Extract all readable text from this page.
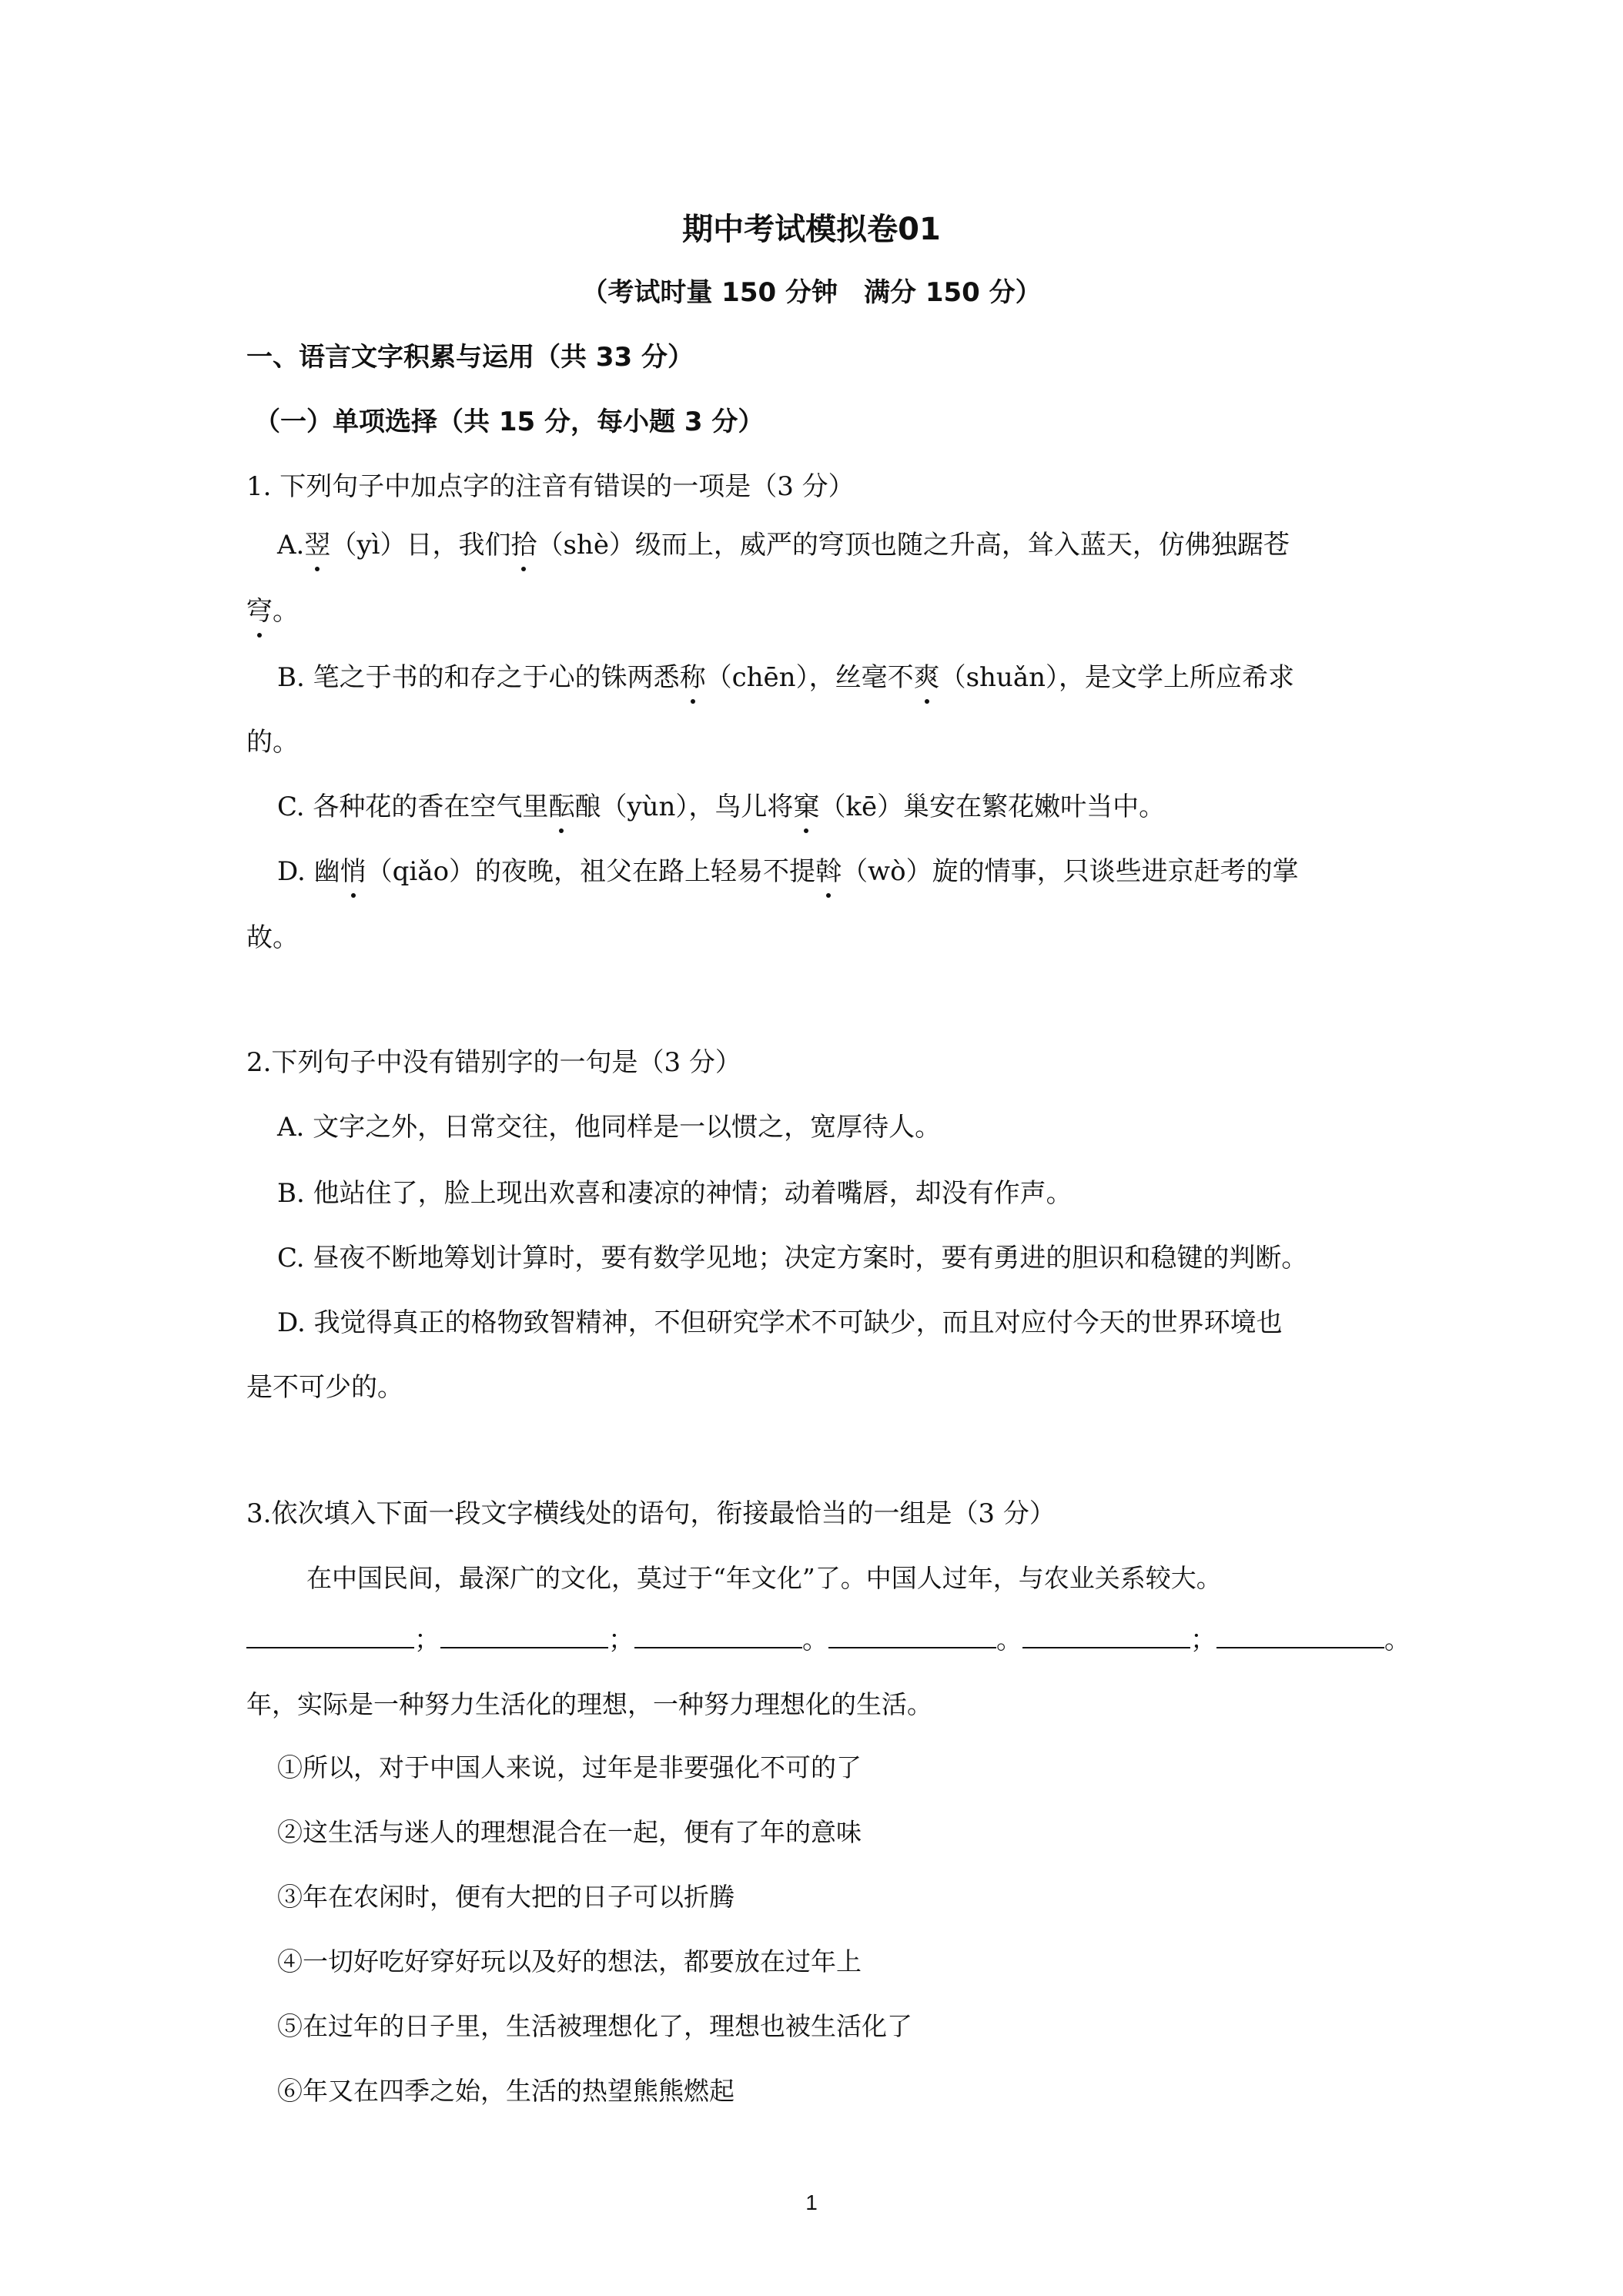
期中考试模拟卷01
（考试时量 150 分钟　满分 150 分）
一、语言文字积累与运用（共 33 分）
（一）单项选择（共 15 分，每小题 3 分）
1. 下列句子中加点字的注音有错误的一项是（3 分）
A.翌（yì）日，我们拾（shè）级而上，威严的穹顶也随之升高，耸入蓝天，仿佛独踞苍
穹。
B. 笔之于书的和存之于心的铢两悉称（chēn），丝毫不爽（shuǎn），是文学上所应希求
的。
C. 各种花的香在空气里酝酿（yùn），鸟儿将窠（kē）巢安在繁花嫩叶当中。
D. 幽悄（qiǎo）的夜晚，祖父在路上轻易不提斡（wò）旋的情事，只谈些进京赶考的掌
故。
2.下列句子中没有错别字的一句是（3 分）
A. 文字之外，日常交往，他同样是一以惯之，宽厚待人。
B. 他站住了，脸上现出欢喜和凄凉的神情；动着嘴唇，却没有作声。
C. 昼夜不断地筹划计算时，要有数学见地；决定方案时，要有勇进的胆识和稳键的判断。
D. 我觉得真正的格物致智精神，不但研究学术不可缺少，而且对应付今天的世界环境也
是不可少的。
3.依次填入下面一段文字横线处的语句，衔接最恰当的一组是（3 分）
在中国民间，最深广的文化，莫过于“年文化”了。中国人过年，与农业关系较大。
；	；	。	。	；	。
年，实际是一种努力生活化的理想，一种努力理想化的生活。
①所以，对于中国人来说，过年是非要强化不可的了
②这生活与迷人的理想混合在一起，便有了年的意味
③年在农闲时，便有大把的日子可以折腾
④一切好吃好穿好玩以及好的想法，都要放在过年上
⑤在过年的日子里，生活被理想化了，理想也被生活化了
⑥年又在四季之始，生活的热望熊熊燃起
1
